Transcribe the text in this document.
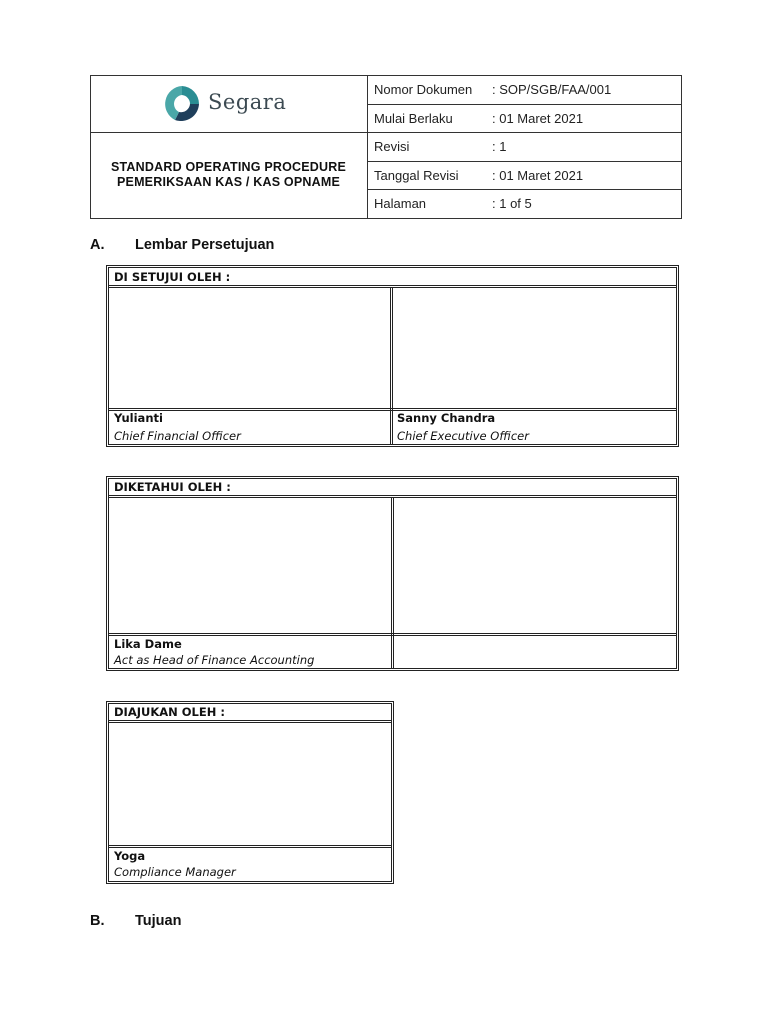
Segara
STANDARD OPERATING PROCEDURE
PEMERIKSAAN KAS / KAS OPNAME
Nomor Dokumen : SOP/SGB/FAA/001
Mulai Berlaku	: 01 Maret 2021
Revisi	: 1
Tanggal Revisi	: 01 Maret 2021
Halaman	: 1 of 5
A. Lembar Persetujuan
DI SETUJUI OLEH :
Yulianti
Chief Financial Officer
Sanny Chandra
Chief Executive Officer
DIKETAHUI OLEH :
Lika Dame
Act as Head of Finance Accounting
DIAJUKAN OLEH :
Yoga
Compliance Manager
B. Tujuan
